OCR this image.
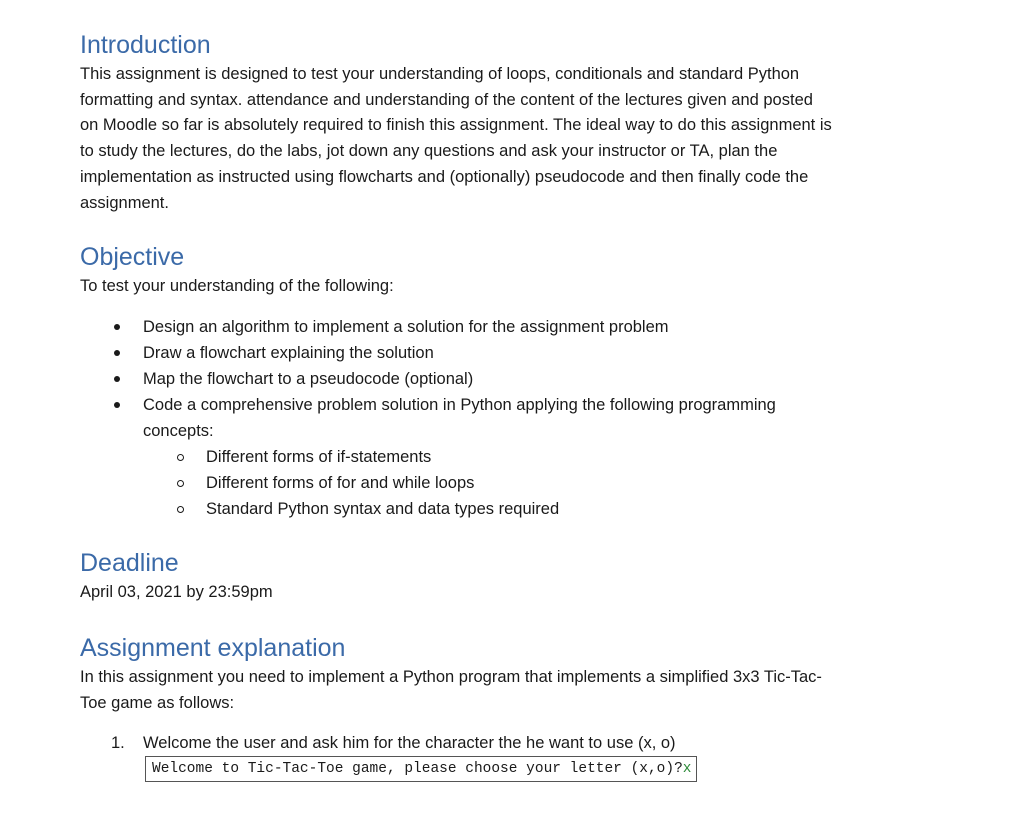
Introduction

This assignment is designed to test your understanding of loops, conditionals and standard Python

formatting and syntax. attendance and understanding of the content of the lectures given and posted

on Moodle so far is absolutely required to finish this assignment. The ideal way to do this assignment is

to study the lectures, do the labs, jot down any questions and ask your instructor or TA, plan the

implementation as instructed using flowcharts and (optionally) pseudocode and then finally code the

assignment.

Objective

To test your understanding of the following:

Design an algorithm to implement a solution for the assignment problem
Draw a flowchart explaining the solution
Map the flowchart to a pseudocode (optional)
Code a comprehensive problem solution in Python applying the following programming
concepts:
Different forms of if-statements
Different forms of for and while loops
Standard Python syntax and data types required
Deadline

April 03, 2021 by 23:59pm

Assignment explanation

In this assignment you need to implement a Python program that implements a simplified 3x3 Tic-Tac-

Toe game as follows:

1. Welcome the user and ask him for the character the he want to use (x, o)
Welcome to Tic-Tac-Toe game, please choose your letter (x,o)?x
